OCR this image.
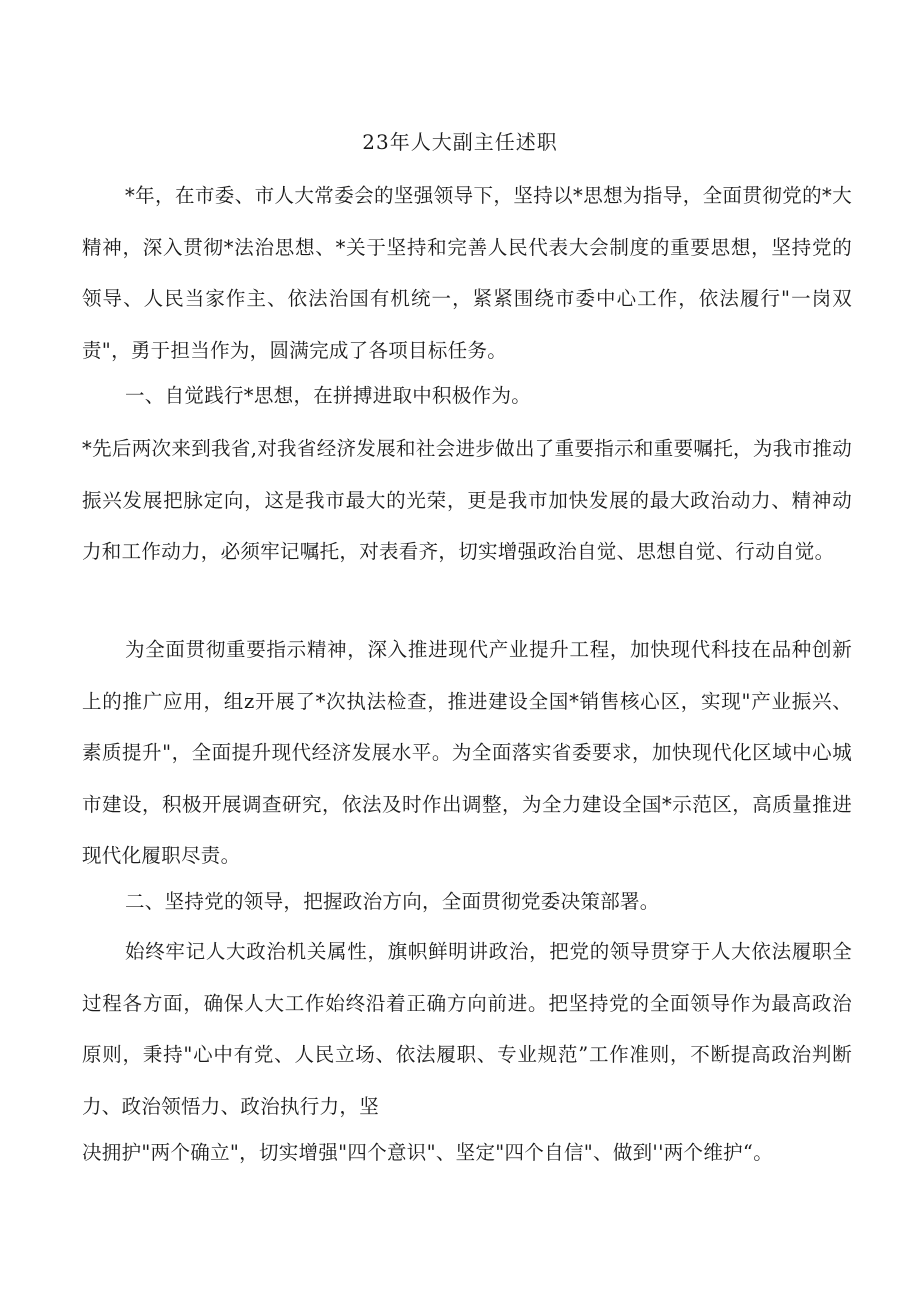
23年人大副主任述职

*年，在市委、市人大常委会的坚强领导下，坚持以*思想为指导，全面贯彻党的*大精神，深入贯彻*法治思想、*关于坚持和完善人民代表大会制度的重要思想，坚持党的领导、人民当家作主、依法治国有机统一，紧紧围绕市委中心工作，依法履行"一岗双责"，勇于担当作为，圆满完成了各项目标任务。

一、自觉践行*思想，在拼搏进取中积极作为。

*先后两次来到我省,对我省经济发展和社会进步做出了重要指示和重要嘱托，为我市推动振兴发展把脉定向，这是我市最大的光荣，更是我市加快发展的最大政治动力、精神动力和工作动力，必须牢记嘱托，对表看齐，切实增强政治自觉、思想自觉、行动自觉。

为全面贯彻重要指示精神，深入推进现代产业提升工程，加快现代科技在品种创新上的推广应用，组z开展了*次执法检查，推进建设全国*销售核心区，实现"产业振兴、素质提升"，全面提升现代经济发展水平。为全面落实省委要求，加快现代化区域中心城市建设，积极开展调查研究，依法及时作出调整，为全力建设全国*示范区，高质量推进现代化履职尽责。

二、坚持党的领导，把握政治方向，全面贯彻党委决策部署。

始终牢记人大政治机关属性，旗帜鲜明讲政治，把党的领导贯穿于人大依法履职全过程各方面，确保人大工作始终沿着正确方向前进。把坚持党的全面领导作为最高政治原则，秉持"心中有党、人民立场、依法履职、专业规范”工作准则，不断提高政治判断力、政治领悟力、政治执行力，坚

决拥护"两个确立"，切实增强"四个意识"、坚定"四个自信"、做到''两个维护“。
